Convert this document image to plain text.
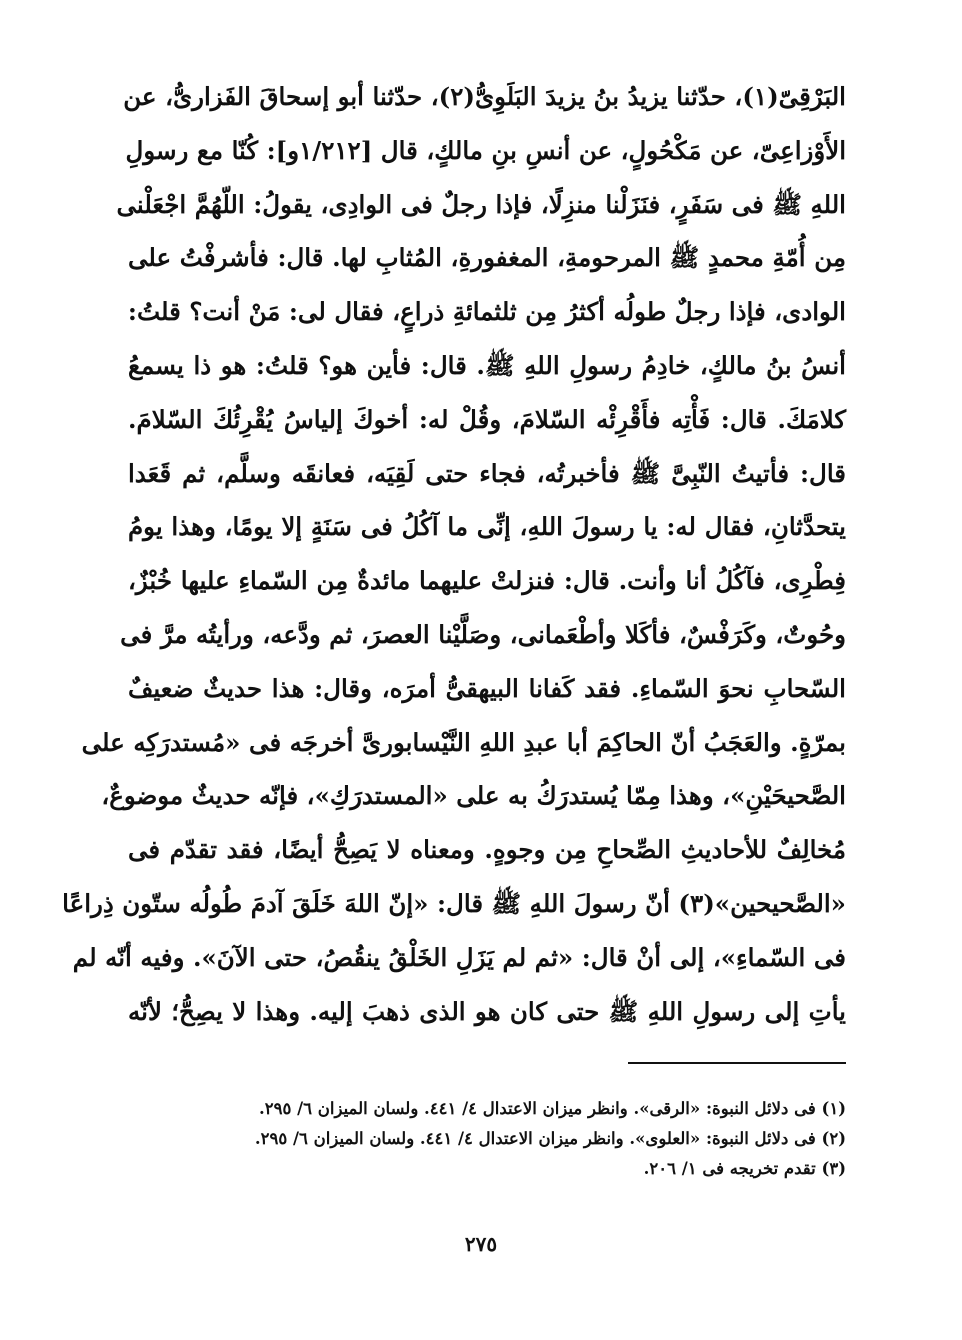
البَرْقِىّ(١)، حدّثنا يزيدُ بنُ يزيدَ البَلَوِىُّ(٢)، حدّثنا أبو إسحاقَ الفَزارىُّ، عن
الأَوْزاعِىّ، عن مَكْحُولٍ، عن أنسِ بنِ مالكٍ، قال [١/٢١٢و]: كُنّا مع رسولِ
اللهِ ﷺ فى سَفَرٍ، فنَزَلْنا منزِلًا، فإذا رجلٌ فى الوادِى، يقولُ: اللّهُمَّ اجْعَلْنى
مِن أُمّةِ محمدٍ ﷺ المرحومةِ، المغفورةِ، المُثابِ لها. قال: فأشرفْتُ على
الوادى، فإذا رجلٌ طولُه أكثرُ مِن ثلثمائةِ ذراعٍ، فقال لى: مَنْ أنت؟ قلتُ:
أنسُ بنُ مالكٍ، خادِمُ رسولِ اللهِ ﷺ. قال: فأين هو؟ قلتُ: هو ذا يسمعُ
كلامَكَ. قال: فَأْتِه فأَقْرِئْه السّلامَ، وقُلْ له: أخوكَ إلياسُ يُقْرِئُكَ السّلامَ.
قال: فأتيتُ النّبِىَّ ﷺ فأخبرتُه، فجاء حتى لَقِيَه، فعانقَه وسلَّم، ثم قَعَدا
يتحدَّثانِ، فقال له: يا رسولَ اللهِ، إنِّى ما آكُلُ فى سَنَةٍ إلا يومًا، وهذا يومُ
فِطْرِى، فآكُلُ أنا وأنت. قال: فنزلتْ عليهما مائدةٌ مِن السّماءِ عليها خُبْزٌ،
وحُوتٌ، وكَرَفْسٌ، فأكَلا وأطْعَمانى، وصَلَّيْنا العصرَ، ثم ودَّعه، ورأيتُه مرَّ فى
السّحابِ نحوَ السّماءِ. فقد كَفانا البيهقىُّ أمرَه، وقال: هذا حديثٌ ضعيفٌ
بمرّةٍ. والعَجَبُ أنّ الحاكِمَ أبا عبدِ اللهِ النَّيْسابورىَّ أخرجَه فى «مُستدرَكِه على
الصَّحيحَيْنِ»، وهذا مِمّا يُستدرَكُ به على «المستدرَكِ»، فإنّه حديثٌ موضوعٌ،
مُخالِفٌ للأحاديثِ الصِّحاحِ مِن وجوهٍ. ومعناه لا يَصِحُّ أيضًا، فقد تقدّم فى
«الصَّحيحين»(٣) أنّ رسولَ اللهِ ﷺ قال: «إنّ اللهَ خَلَقَ آدمَ طُولُه ستّون ذِراعًا
فى السّماءِ»، إلى أنْ قال: «ثم لم يَزَلِ الخَلْقُ ينقُصُ، حتى الآنَ». وفيه أنّه لم
يأتِ إلى رسولِ اللهِ ﷺ حتى كان هو الذى ذهبَ إليه. وهذا لا يصِحُّ؛ لأنّه
(١) فى دلائل النبوة: «الرقى». وانظر ميزان الاعتدال ٤/ ٤٤١. ولسان الميزان ٦/ ٢٩٥.
(٢) فى دلائل النبوة: «العلوى». وانظر ميزان الاعتدال ٤/ ٤٤١. ولسان الميزان ٦/ ٢٩٥.
(٣) تقدم تخريجه فى ١/ ٢٠٦.
٢٧٥
